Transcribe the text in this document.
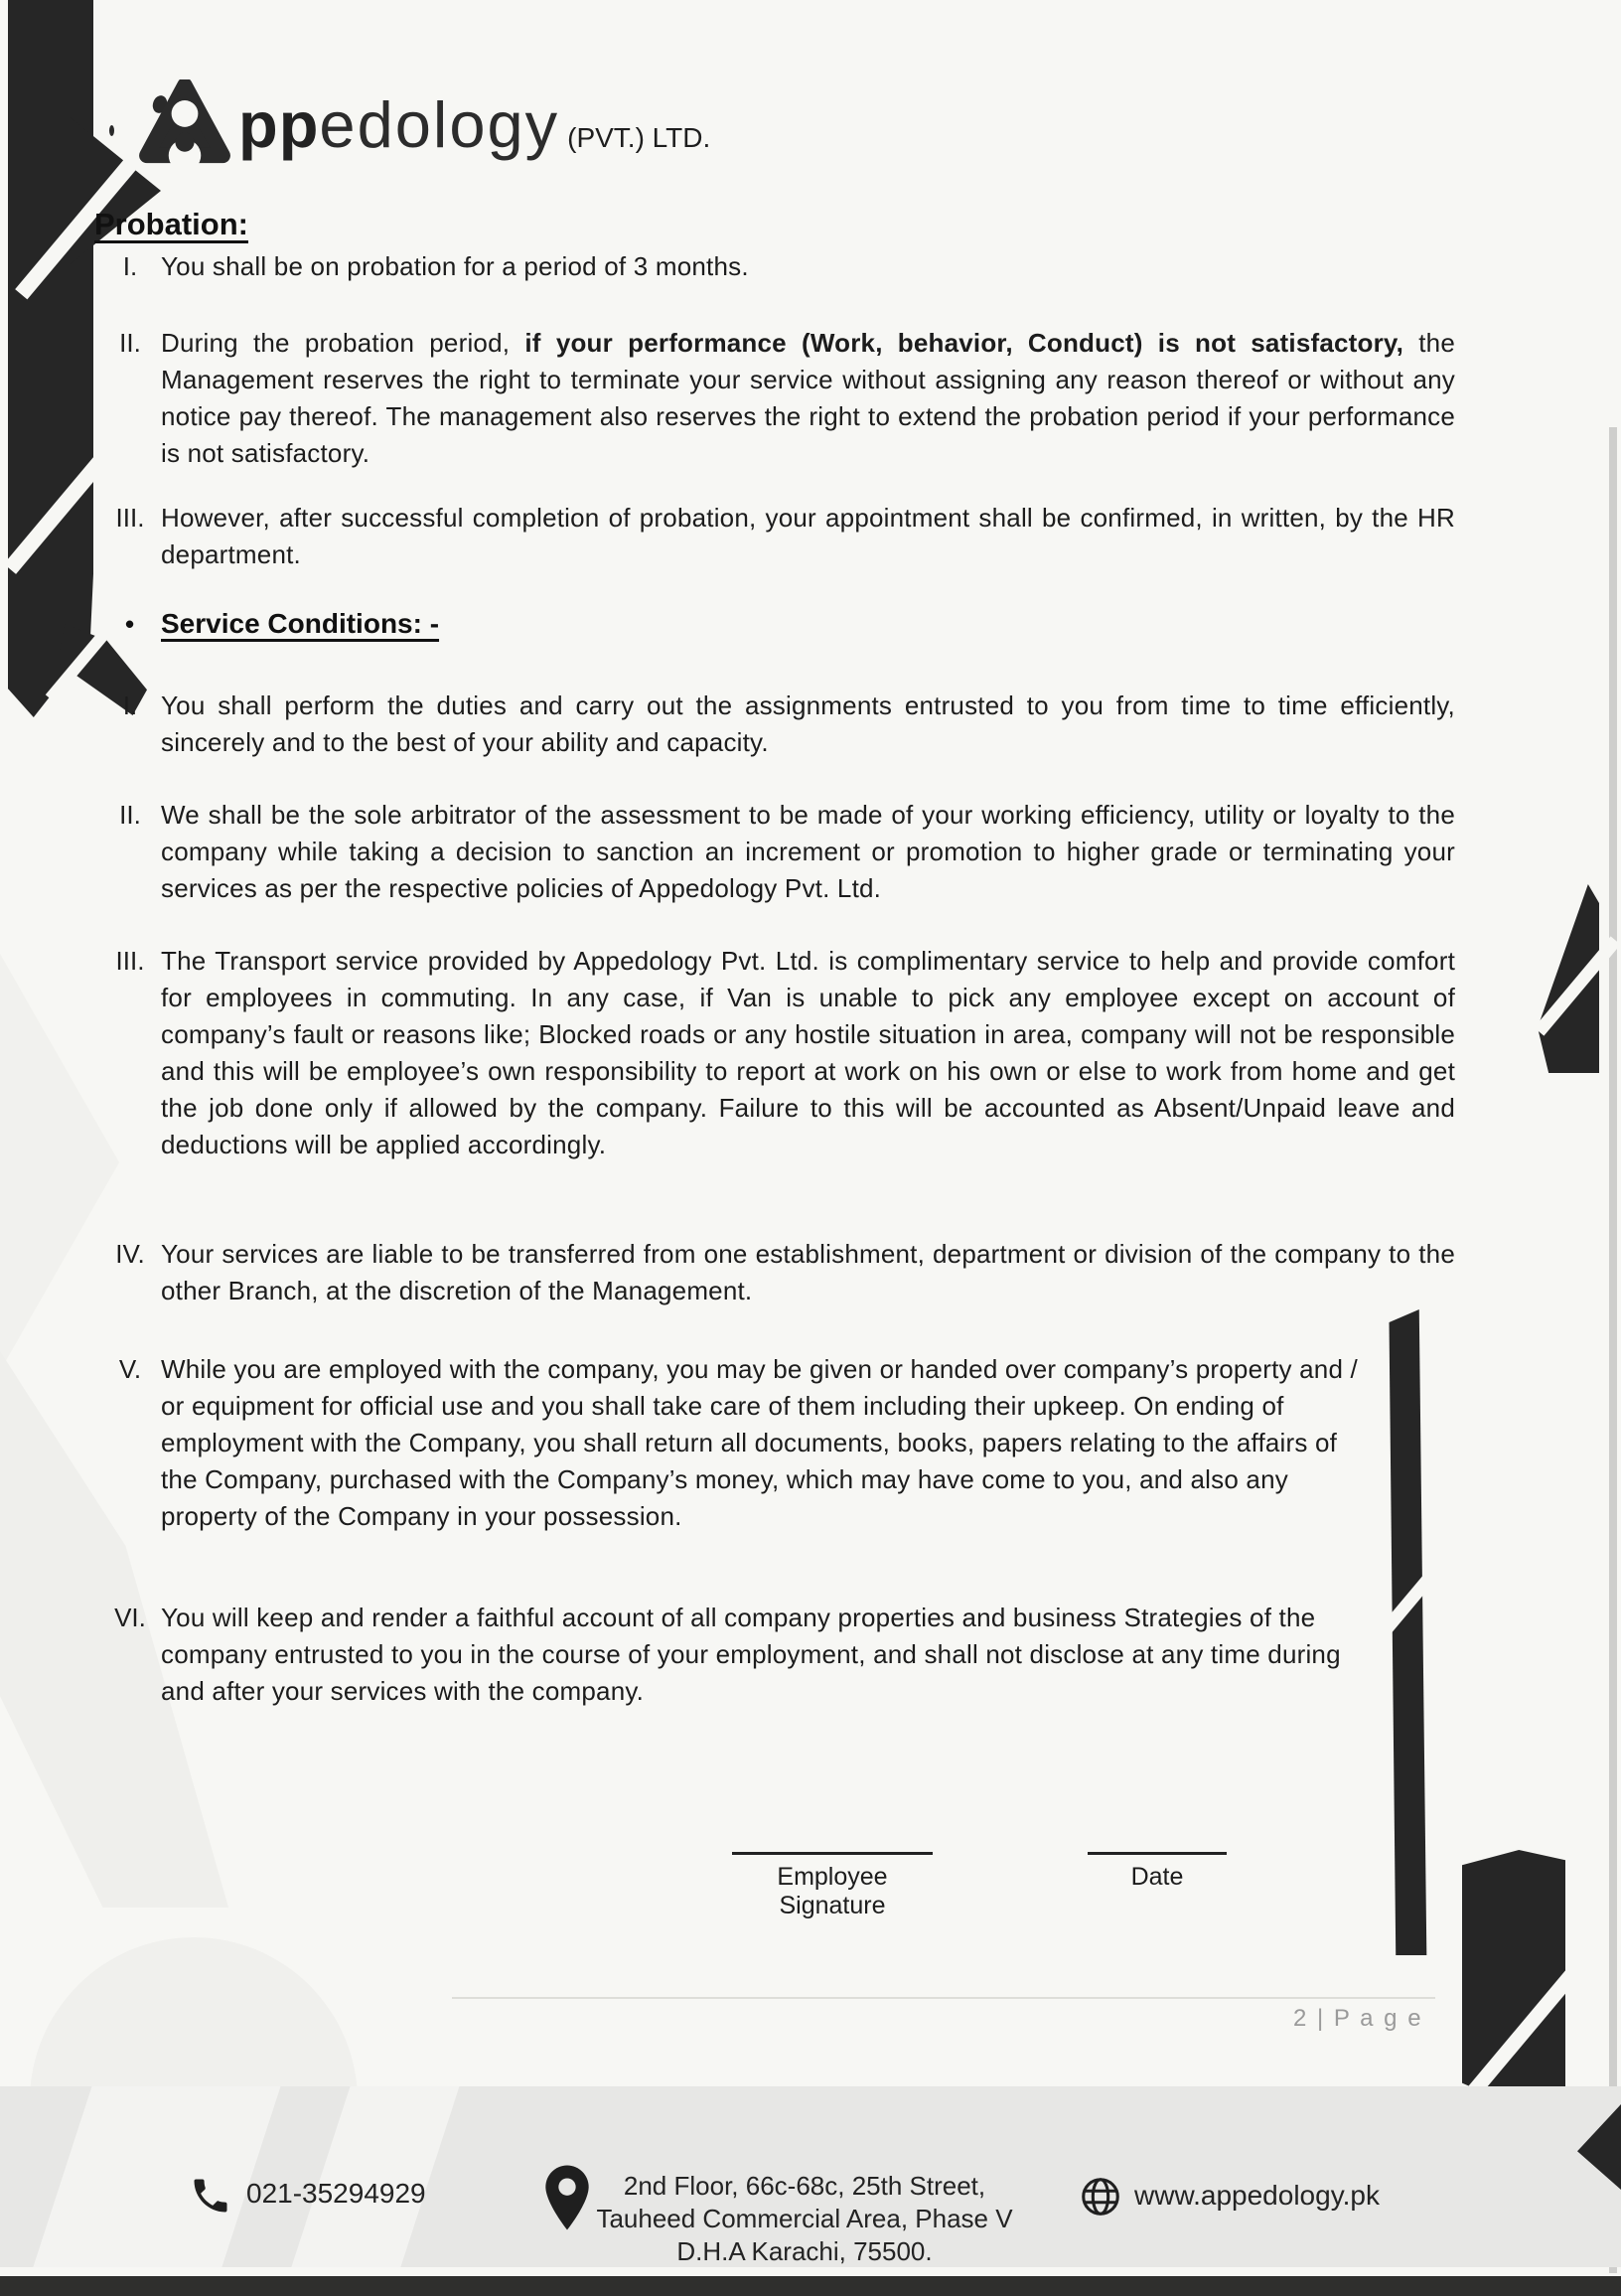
ppedology (PVT.) LTD.
Probation:
I. You shall be on probation for a period of 3 months.

II. During the probation period, if your performance (Work, behavior, Conduct) is not satisfactory, the Management reserves the right to terminate your service without assigning any reason thereof or without any notice pay thereof. The management also reserves the right to extend the probation period if your performance is not satisfactory.

III. However, after successful completion of probation, your appointment shall be confirmed, in written, by the HR department.

• Service Conditions: -
I. You shall perform the duties and carry out the assignments entrusted to you from time to time efficiently, sincerely and to the best of your ability and capacity.

II. We shall be the sole arbitrator of the assessment to be made of your working efficiency, utility or loyalty to the company while taking a decision to sanction an increment or promotion to higher grade or terminating your services as per the respective policies of Appedology Pvt. Ltd.

III. The Transport service provided by Appedology Pvt. Ltd. is complimentary service to help and provide comfort for employees in commuting. In any case, if Van is unable to pick any employee except on account of company’s fault or reasons like; Blocked roads or any hostile situation in area, company will not be responsible and this will be employee’s own responsibility to report at work on his own or else to work from home and get the job done only if allowed by the company. Failure to this will be accounted as Absent/Unpaid leave and deductions will be applied accordingly.

IV. Your services are liable to be transferred from one establishment, department or division of the company to the other Branch, at the discretion of the Management.

V. While you are employed with the company, you may be given or handed over company’s property and / or equipment for official use and you shall take care of them including their upkeep. On ending of employment with the Company, you shall return all documents, books, papers relating to the affairs of the Company, purchased with the Company’s money, which may have come to you, and also any property of the Company in your possession.

VI. You will keep and render a faithful account of all company properties and business Strategies of the company entrusted to you in the course of your employment, and shall not disclose at any time during and after your services with the company.

Employee Signature
Date
2 | P a g e
021-35294929	2nd Floor, 66c-68c, 25th Street,
Tauheed Commercial Area, Phase V
D.H.A Karachi, 75500.
www.appedology.pk
